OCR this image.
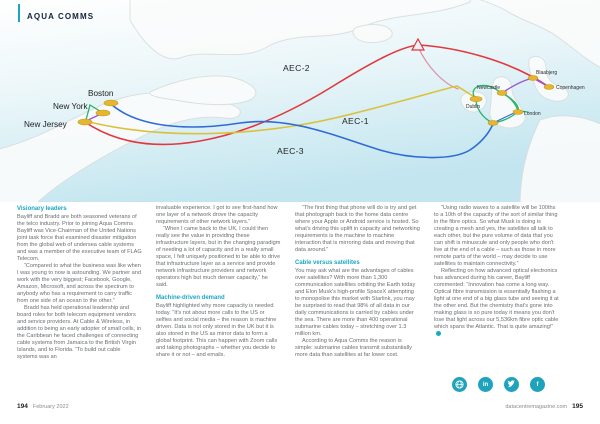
Boston
New York
New Jersey
Newcastle
Dublin
London
Blaabjerg
Copenhagen
AEC-2
AEC-1
AEC-3
AQUA COMMS
Visionary leaders

Bayliff and Bradd are both seasoned veterans of the telco industry. Prior to joining Aqua Comms Bayliff was Vice-Chairman of the United Nations joint task force that examined disaster mitigation from the global web of undersea cable systems and was a member of the executive team of FLAG Telecom.

“Compared to what the business was like when I was young to now is astounding. We partner and work with the very biggest; Facebook, Google, Amazon, Microsoft, and across the spectrum to anybody who has a requirement to carry traffic from one side of an ocean to the other.”

Bradd has held operational leadership and board roles for both telecom equipment vendors and service providers. At Cable & Wireless, in addition to being an early adopter of small cells, in the Caribbean he faced challenges of connecting cable systems from Jamaica to the British Virgin Islands, and to Florida. “To build out cable systems was an

invaluable experience. I got to see first-hand how one layer of a network drove the capacity requirements of other network layers.”

“When I came back to the UK, I could then really see the value in providing these infrastructure layers, but in the changing paradigm of needing a lot of capacity and in a really small space, I felt uniquely positioned to be able to drive that infrastructure layer as a service and provide network infrastructure providers and network operators high but much denser capacity,” he said.

Machine-driven demand

Bayliff highlighted why more capacity is needed today. “It's not about more calls to the US or selfies and social media – the reason is machine driven. Data is not only stored in the UK but it is also stored in the US as mirror data to form a global footprint. This can happen with Zoom calls and taking photographs – whether you decide to share it or not – and emails.

“The first thing that phone will do is try and get that photograph back to the home data centre where your Apple or Android service is hosted. So what's driving this uplift in capacity and networking requirements is the machine to machine interaction that is mirroring data and moving that data around.”

Cable versus satellites

You may ask what are the advantages of cables over satellites? With more than 1,300 communication satellites orbiting the Earth today and Elon Musk's high-profile SpaceX attempting to monopolise this market with Starlink, you may be surprised to read that 98% of all data in our daily communications is carried by cables under the sea. There are more than 400 operational submarine cables today – stretching over 1.3 million km.

According to Aqua Comms the reason is simple: submarine cables transmit substantially more data than satellites at far lower cost.

“Using radio waves to a satellite will be 100ths to a 10th of the capacity of the sort of similar thing in the fibre optics. So what Musk is doing is creating a mesh and yes, the satellites all talk to each other, but the pure volume of data that you can shift is minuscule and only people who don't live at the end of a cable – such as those in more remote parts of the world – may decide to use satellites to maintain connectivity.”

Reflecting on how advanced optical electronics has advanced during his career, Bayliff commented: “Innovation has come a long way. Optical fibre transmission is essentially flashing a light at one end of a big glass tube and seeing it at the other end. But the chemistry that's gone into making glass is so pure today it means you don't lose that light across our 5,536km fibre optic cable which spans the Atlantic. That is quite amazing!”

in	f
194 February 2022	datacentremagazine.com 195
